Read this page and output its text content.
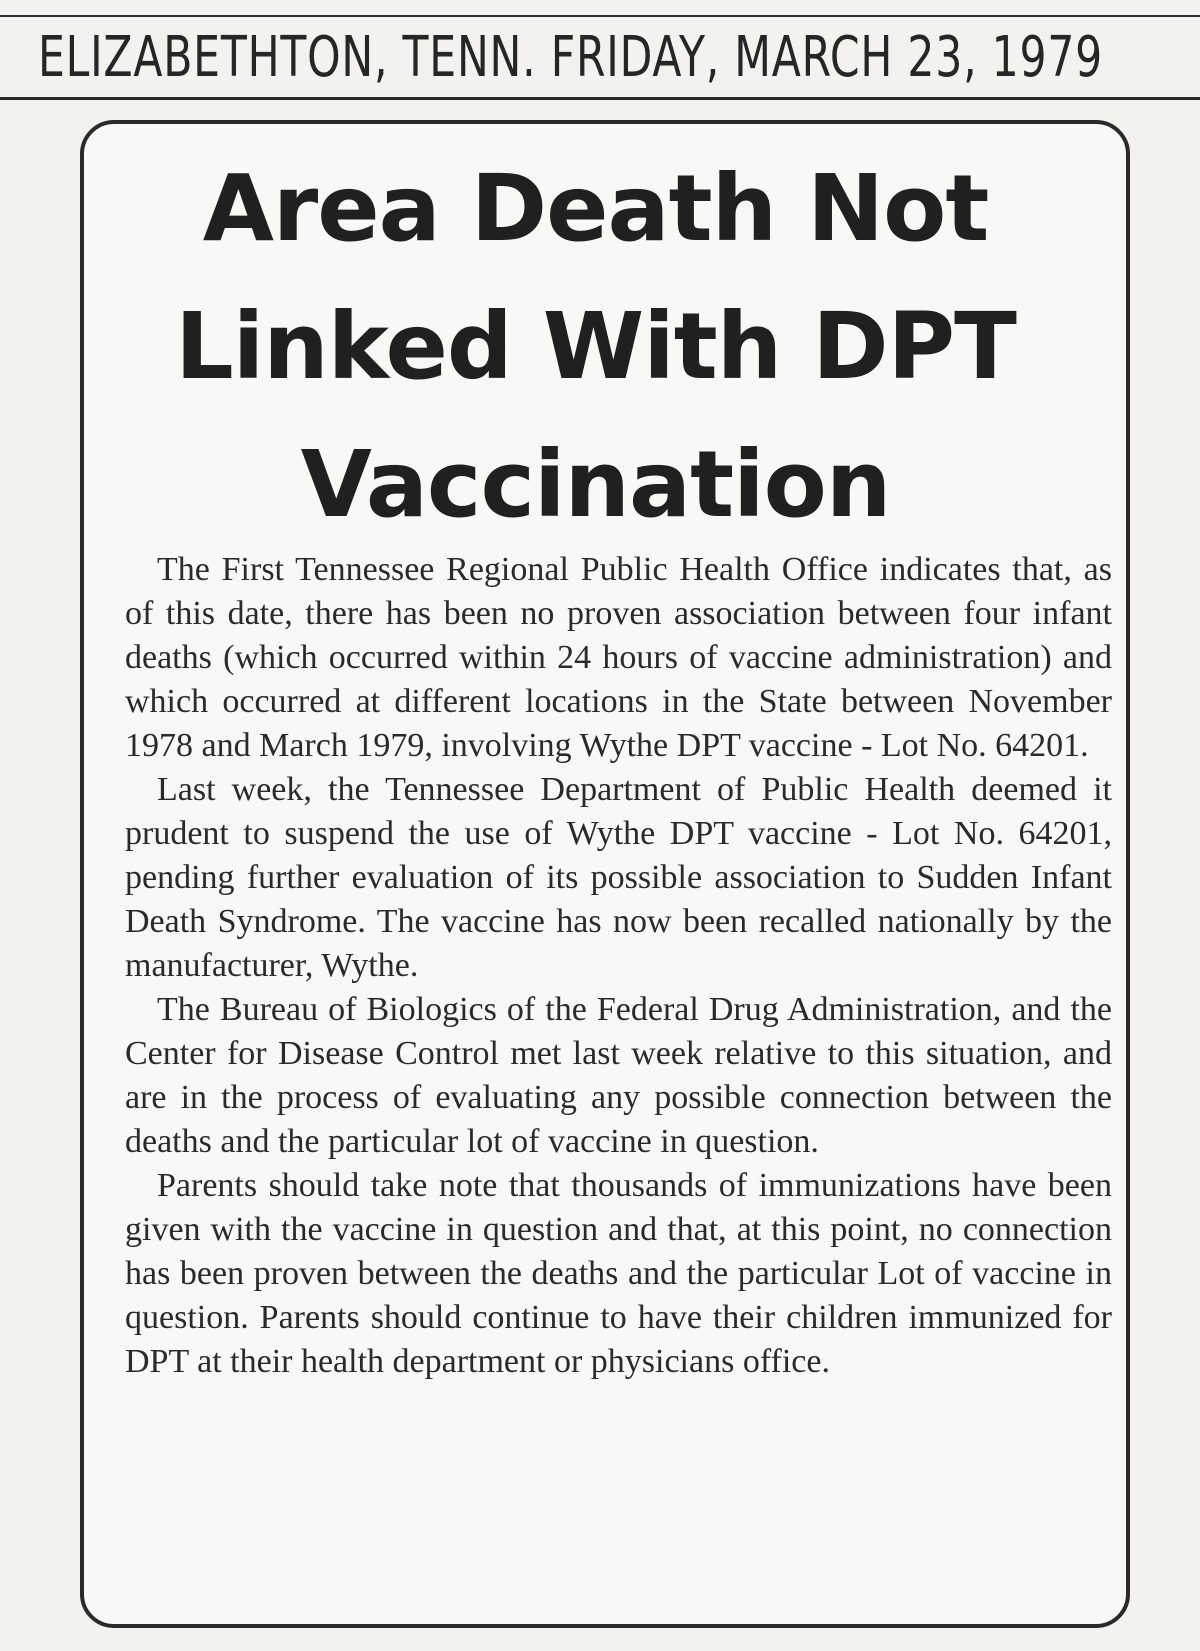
ELIZABETHTON, TENN. FRIDAY, MARCH 23, 1979
Area Death Not
Linked With DPT
Vaccination

The First Tennessee Regional Public Health Office indicates that, as of this date, there has been no proven association between four infant deaths (which occurred within 24 hours of vaccine administration) and which occurred at different locations in the State between November 1978 and March 1979, involving Wythe DPT vaccine - Lot No. 64201.

Last week, the Tennessee Department of Public Health deemed it prudent to suspend the use of Wythe DPT vaccine - Lot No. 64201, pending further evaluation of its possible association to Sudden Infant Death Syndrome. The vaccine has now been recalled nationally by the manufacturer, Wythe.

The Bureau of Biologics of the Federal Drug Administration, and the Center for Disease Control met last week relative to this situation, and are in the process of evaluating any possible connection between the deaths and the particular lot of vaccine in question.

Parents should take note that thousands of immunizations have been given with the vaccine in question and that, at this point, no connection has been proven between the deaths and the particular Lot of vaccine in question. Parents should continue to have their children immunized for DPT at their health department or physicians office.
